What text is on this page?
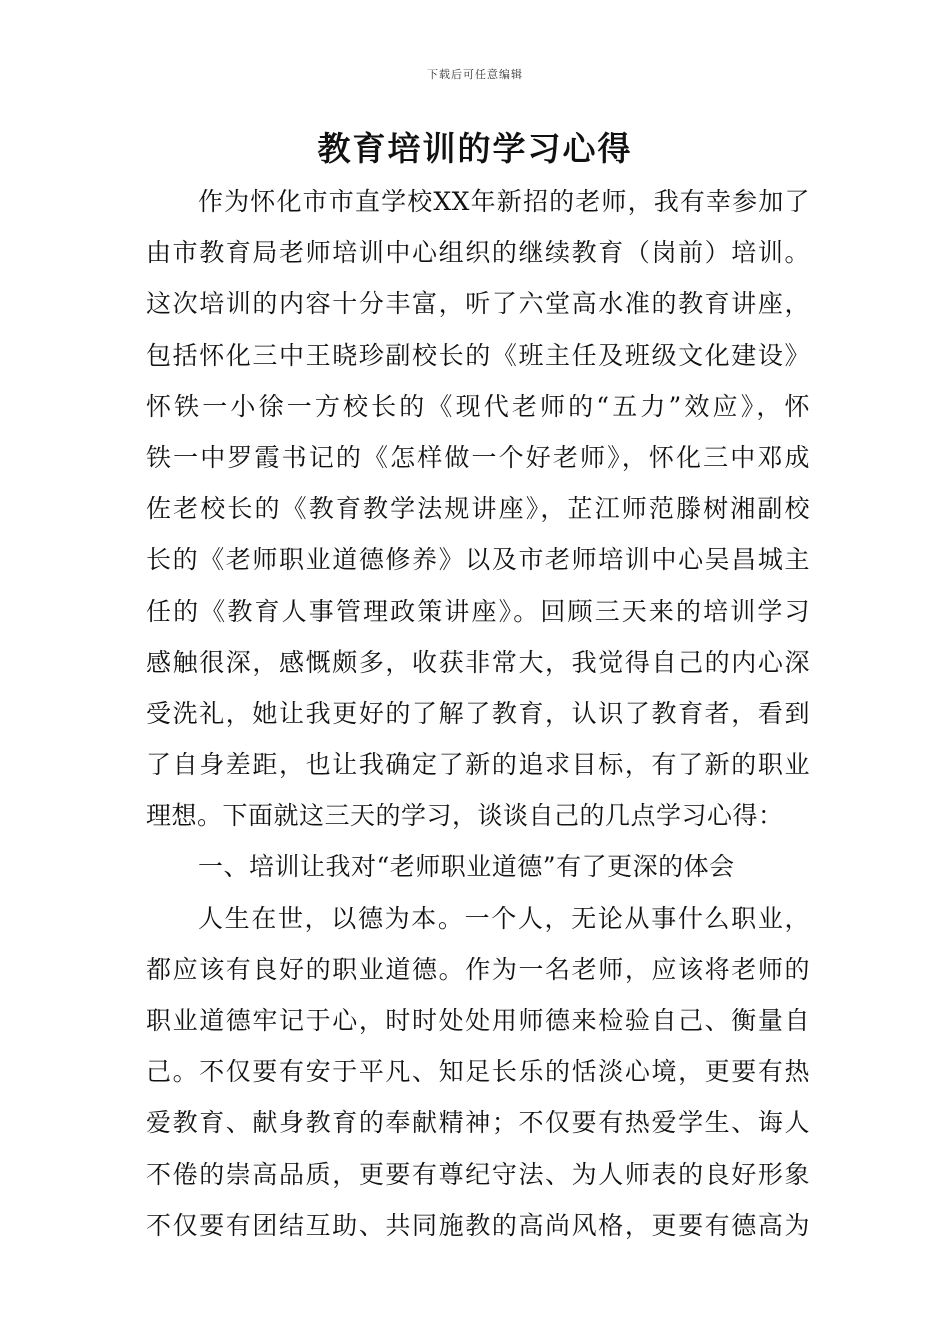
下载后可任意编辑
教育培训的学习心得
作为怀化市市直学校XX年新招的老师，我有幸参加了
由市教育局老师培训中心组织的继续教育（岗前）培训。
这次培训的内容十分丰富，听了六堂高水准的教育讲座，
包括怀化三中王晓珍副校长的《班主任及班级文化建设》
怀铁一小徐一方校长的《现代老师的“五力”效应》，怀
铁一中罗霞书记的《怎样做一个好老师》，怀化三中邓成
佐老校长的《教育教学法规讲座》，芷江师范滕树湘副校
长的《老师职业道德修养》以及市老师培训中心吴昌城主
任的《教育人事管理政策讲座》。回顾三天来的培训学习
感触很深，感慨颇多，收获非常大，我觉得自己的内心深
受洗礼，她让我更好的了解了教育，认识了教育者，看到
了自身差距，也让我确定了新的追求目标，有了新的职业
理想。下面就这三天的学习，谈谈自己的几点学习心得：
一、培训让我对“老师职业道德”有了更深的体会
人生在世，以德为本。一个人，无论从事什么职业，
都应该有良好的职业道德。作为一名老师，应该将老师的
职业道德牢记于心，时时处处用师德来检验自己、衡量自
己。不仅要有安于平凡、知足长乐的恬淡心境，更要有热
爱教育、献身教育的奉献精神；不仅要有热爱学生、诲人
不倦的崇高品质，更要有尊纪守法、为人师表的良好形象
不仅要有团结互助、共同施教的高尚风格，更要有德高为
